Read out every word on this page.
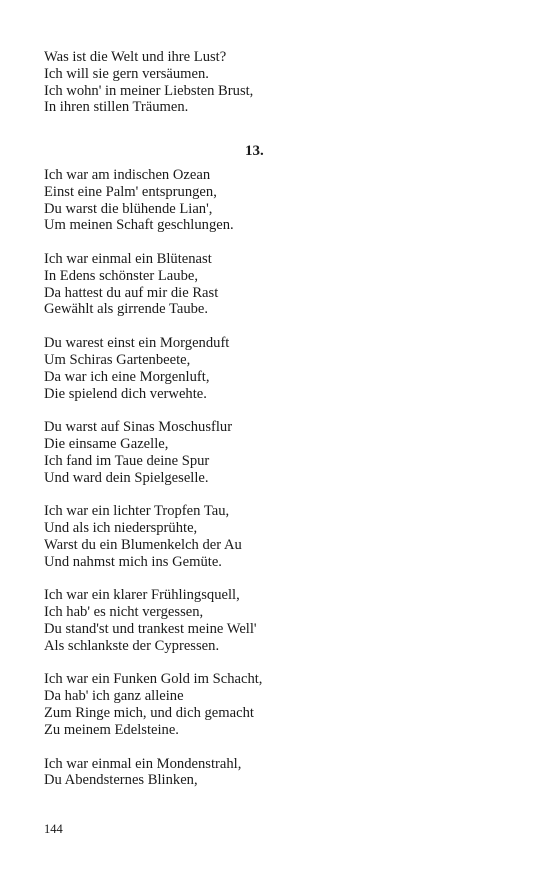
Was ist die Welt und ihre Lust?
Ich will sie gern versäumen.
Ich wohn' in meiner Liebsten Brust,
In ihren stillen Träumen.
13.
Ich war am indischen Ozean
Einst eine Palm' entsprungen,
Du warst die blühende Lian',
Um meinen Schaft geschlungen.
Ich war einmal ein Blütenast
In Edens schönster Laube,
Da hattest du auf mir die Rast
Gewählt als girrende Taube.
Du warest einst ein Morgenduft
Um Schiras Gartenbeete,
Da war ich eine Morgenluft,
Die spielend dich verwehte.
Du warst auf Sinas Moschusflur
Die einsame Gazelle,
Ich fand im Taue deine Spur
Und ward dein Spielgeselle.
Ich war ein lichter Tropfen Tau,
Und als ich niedersprühte,
Warst du ein Blumenkelch der Au
Und nahmst mich ins Gemüte.
Ich war ein klarer Frühlingsquell,
Ich hab' es nicht vergessen,
Du stand'st und trankest meine Well'
Als schlankste der Cypressen.
Ich war ein Funken Gold im Schacht,
Da hab' ich ganz alleine
Zum Ringe mich, und dich gemacht
Zu meinem Edelsteine.
Ich war einmal ein Mondenstrahl,
Du Abendsternes Blinken,
144
